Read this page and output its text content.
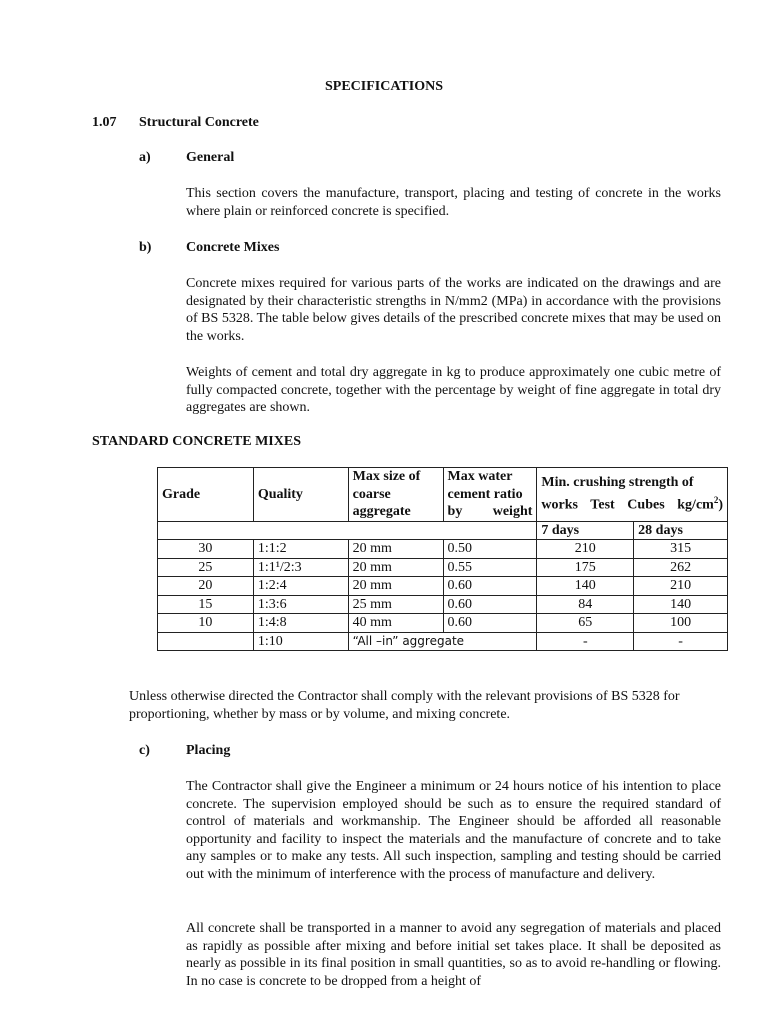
SPECIFICATIONS
1.07 Structural Concrete
a)	General

This section covers the manufacture, transport, placing and testing of concrete in the works where plain or reinforced concrete is specified.

b) Concrete Mixes

Concrete mixes required for various parts of the works are indicated on the drawings and are designated by their characteristic strengths in N/mm2 (MPa) in accordance with the provisions of BS 5328. The table below gives details of the prescribed concrete mixes that may be used on the works.

Weights of cement and total dry aggregate in kg to produce approximately one cubic metre of fully compacted concrete, together with the percentage by weight of fine aggregate in total dry aggregates are shown.

STANDARD CONCRETE MIXES
Grade	Quality	Max size of coarse aggregate	Max water cement ratio by weight	Min. crushing strength of works Test Cubes $kg/cm^2$)	
				7 days	28 days
30	1:1:2	20 mm	0.50	210	315
25	1:1¹/2:3	20 mm	0.55	175	262
20	1:2:4	20 mm	0.60	140	210
15	1:3:6	25 mm	0.60	84	140
10	1:4:8	40 mm	0.60	65	100
	1:10	“All –in” aggregate		-	-

Unless otherwise directed the Contractor shall comply with the relevant provisions of BS 5328 for proportioning, whether by mass or by volume, and mixing concrete.

c)	Placing

The Contractor shall give the Engineer a minimum or 24 hours notice of his intention to place concrete. The supervision employed should be such as to ensure the required standard of control of materials and workmanship. The Engineer should be afforded all reasonable opportunity and facility to inspect the materials and the manufacture of concrete and to take any samples or to make any tests. All such inspection, sampling and testing should be carried out with the minimum of interference with the process of manufacture and delivery.

All concrete shall be transported in a manner to avoid any segregation of materials and placed as rapidly as possible after mixing and before initial set takes place. It shall be deposited as nearly as possible in its final position in small quantities, so as to avoid re-handling or flowing. In no case is concrete to be dropped from a height of
